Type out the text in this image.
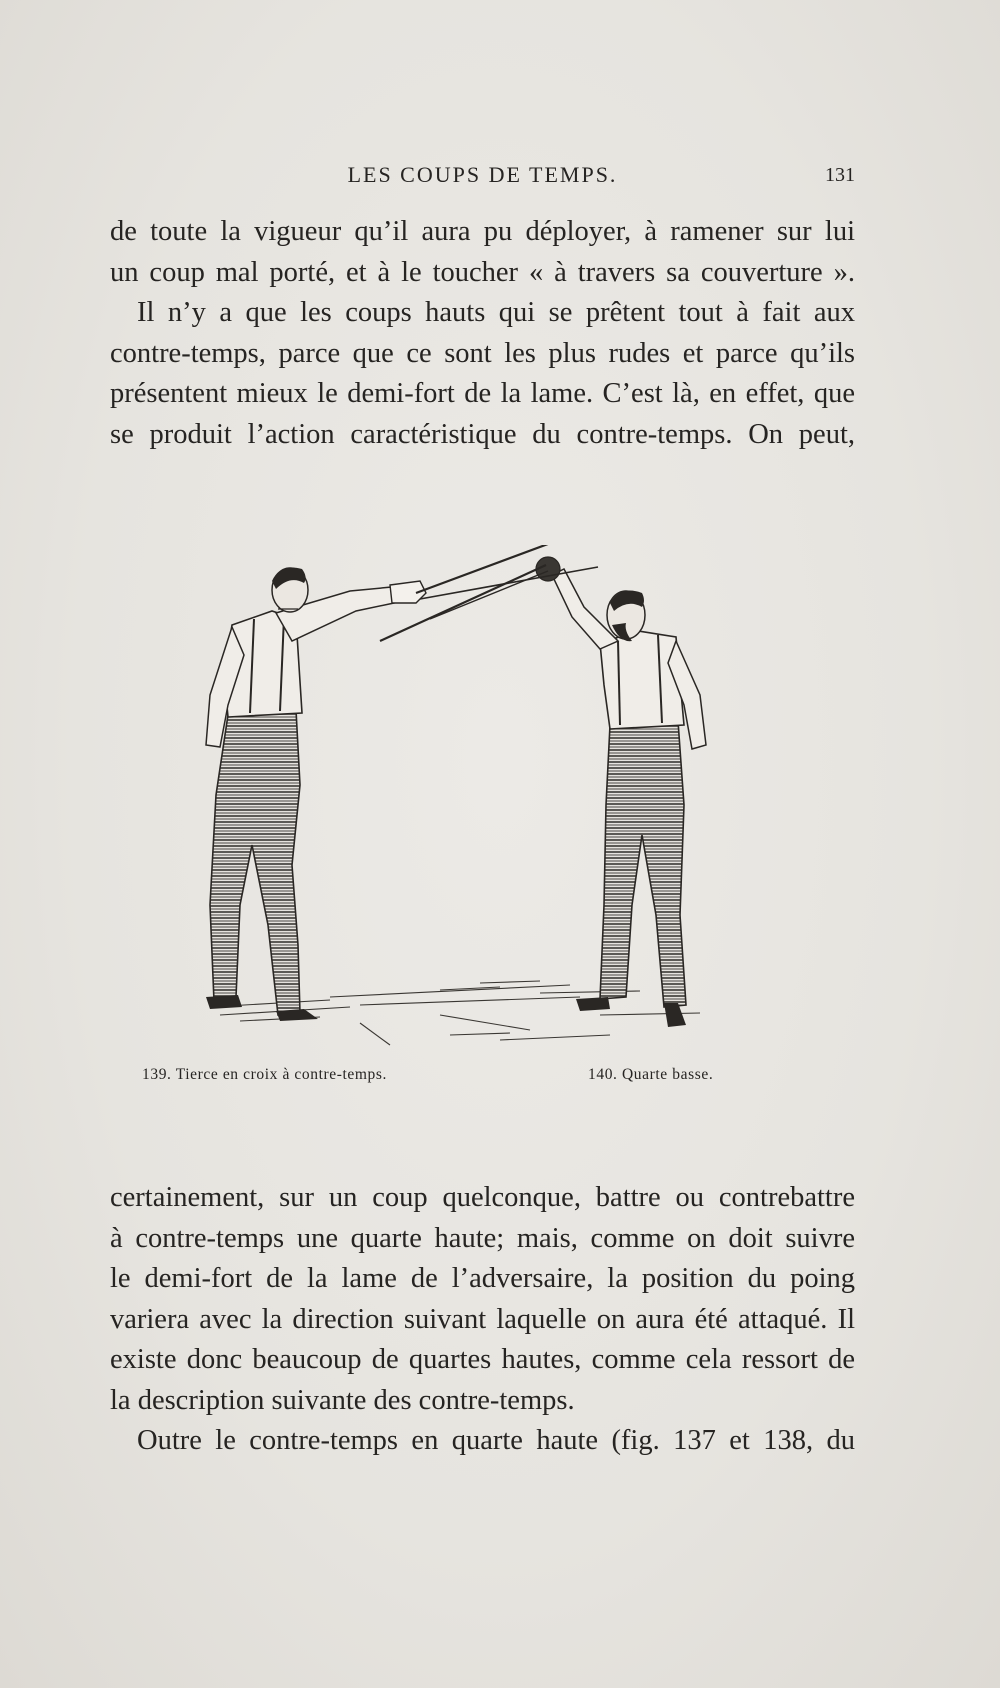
LES COUPS DE TEMPS.	131
de toute la vigueur qu’il aura pu déployer, à ramener sur lui
un coup mal porté, et à le toucher « à travers sa couverture ».
Il n’y a que les coups hauts qui se prêtent tout à fait aux
contre-temps, parce que ce sont les plus rudes et parce qu’ils
présentent mieux le demi-fort de la lame. C’est là, en effet, que
se produit l’action caractéristique du contre-temps. On peut,
139. Tierce en croix à contre-temps.	140. Quarte basse.
certainement, sur un coup quelconque, battre ou contrebattre
à contre-temps une quarte haute; mais, comme on doit suivre
le demi-fort de la lame de l’adversaire, la position du poing
variera avec la direction suivant laquelle on aura été attaqué. Il
existe donc beaucoup de quartes hautes, comme cela ressort de
la description suivante des contre-temps.
Outre le contre-temps en quarte haute (fig. 137 et 138, du
